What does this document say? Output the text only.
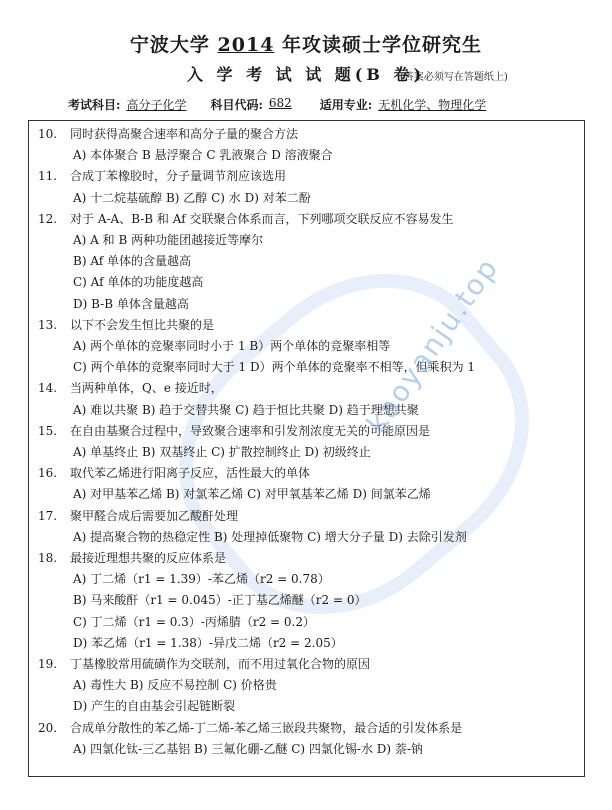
宁波大学 2014 年攻读硕士学位研究生
入 学 考 试 试 题(B 卷)
(答案必须写在答题纸上)
考试科目: 高分子化学	科目代码: 682	适用专业: 无机化学、物理化学
10. 同时获得高聚合速率和高分子量的聚合方法
A) 本体聚合 B 悬浮聚合 C 乳液聚合 D 溶液聚合
11. 合成丁苯橡胶时，分子量调节剂应该选用
A) 十二烷基硫醇 B) 乙醇 C) 水 D) 对苯二酚
12. 对于 A-A、B-B 和 Af 交联聚合体系而言，下列哪项交联反应不容易发生
A) A 和 B 两种功能团越接近等摩尔
B) Af 单体的含量越高
C) Af 单体的功能度越高
D) B-B 单体含量越高
13. 以下不会发生恒比共聚的是
A) 两个单体的竞聚率同时小于 1 B）两个单体的竞聚率相等
C) 两个单体的竞聚率同时大于 1 D）两个单体的竞聚率不相等，但乘积为 1
14. 当两种单体，Q、e 接近时，
A) 难以共聚 B) 趋于交替共聚 C) 趋于恒比共聚 D) 趋于理想共聚
15. 在自由基聚合过程中，导致聚合速率和引发剂浓度无关的可能原因是
A) 单基终止 B) 双基终止 C) 扩散控制终止 D) 初级终止
16. 取代苯乙烯进行阳离子反应，活性最大的单体
A) 对甲基苯乙烯 B) 对氯苯乙烯 C) 对甲氧基苯乙烯 D) 间氯苯乙烯
17. 聚甲醛合成后需要加乙酸酐处理
A) 提高聚合物的热稳定性 B) 处理掉低聚物 C) 增大分子量 D) 去除引发剂
18. 最接近理想共聚的反应体系是
A) 丁二烯（r1 = 1.39）-苯乙烯（r2 = 0.78）
B) 马来酸酐（r1 = 0.045）-正丁基乙烯醚（r2 = 0）
C) 丁二烯（r1 = 0.3）-丙烯腈（r2 = 0.2）
D) 苯乙烯（r1 = 1.38）-异戊二烯（r2 = 2.05）
19. 丁基橡胶常用硫磺作为交联剂，而不用过氧化合物的原因
A) 毒性大 B) 反应不易控制 C) 价格贵
D) 产生的自由基会引起链断裂
20. 合成单分散性的苯乙烯-丁二烯-苯乙烯三嵌段共聚物，最合适的引发体系是
A) 四氯化钛-三乙基铝 B) 三氟化硼-乙醚 C) 四氯化锡-水 D) 萘-钠
kaoyanju.top
